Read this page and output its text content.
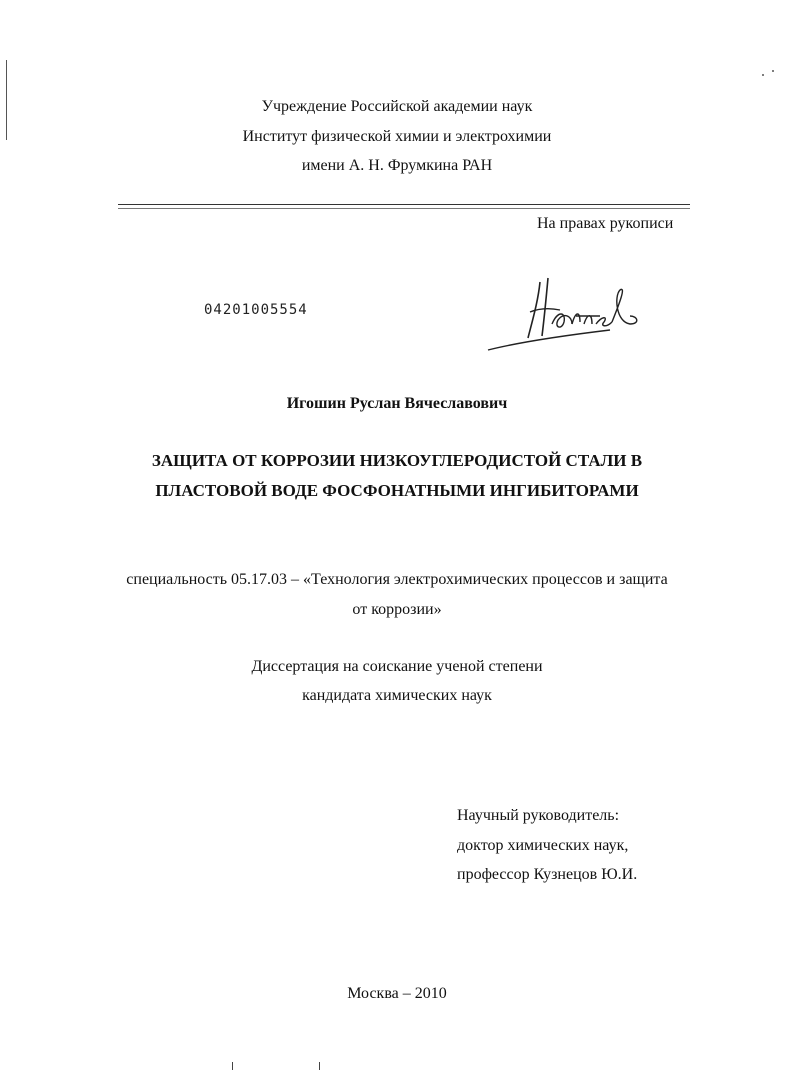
Учреждение Российской академии наук
Институт физической химии и электрохимии
имени А. Н. Фрумкина РАН
На правах рукописи
04201005554
Игошин Руслан Вячеславович
ЗАЩИТА ОТ КОРРОЗИИ НИЗКОУГЛЕРОДИСТОЙ СТАЛИ В
ПЛАСТОВОЙ ВОДЕ ФОСФОНАТНЫМИ ИНГИБИТОРАМИ
специальность 05.17.03 – «Технология электрохимических процессов и защита
от коррозии»
Диссертация на соискание ученой степени
кандидата химических наук
Научный руководитель:
доктор химических наук,
профессор Кузнецов Ю.И.
Москва – 2010
